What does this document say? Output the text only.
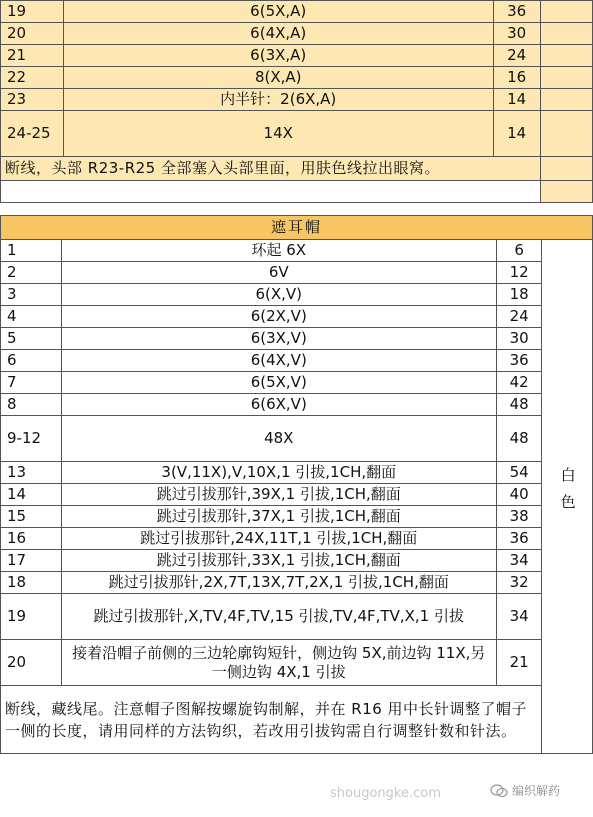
19	6(5X,A)	36	
20	6(4X,A)	30	
21	6(3X,A)	24	
22	8(X,A)	16	
23	内半针：2(6X,A)	14	
24-25	14X	14	
断线，头部 R23-R25 全部塞入头部里面，用肤色线拉出眼窝。			

遮耳帽			
1	环起 6X	6	白色
2	6V	12	
3	6(X,V)	18	
4	6(2X,V)	24	
5	6(3X,V)	30	
6	6(4X,V)	36	
7	6(5X,V)	42	
8	6(6X,V)	48	
9-12	48X	48	
13	3(V,11X),V,10X,1 引拔,1CH,翻面	54	
14	跳过引拔那针,39X,1 引拔,1CH,翻面	40	
15	跳过引拔那针,37X,1 引拔,1CH,翻面	38	
16	跳过引拔那针,24X,11T,1 引拔,1CH,翻面	36	
17	跳过引拔那针,33X,1 引拔,1CH,翻面	34	
18	跳过引拔那针,2X,7T,13X,7T,2X,1 引拔,1CH,翻面	32	
19	跳过引拔那针,X,TV,4F,TV,15 引拔,TV,4F,TV,X,1 引拔	34	
20	接着沿帽子前侧的三边轮廓钩短针，侧边钩 5X,前边钩 11X,另一侧边钩 4X,1 引拔	21	
断线，藏线尾。注意帽子图解按螺旋钩制解，并在 R16 用中长针调整了帽子一侧的长度，请用同样的方法钩织，若改用引拔钩需自行调整针数和针法。			
shougongke.com	编织解药
